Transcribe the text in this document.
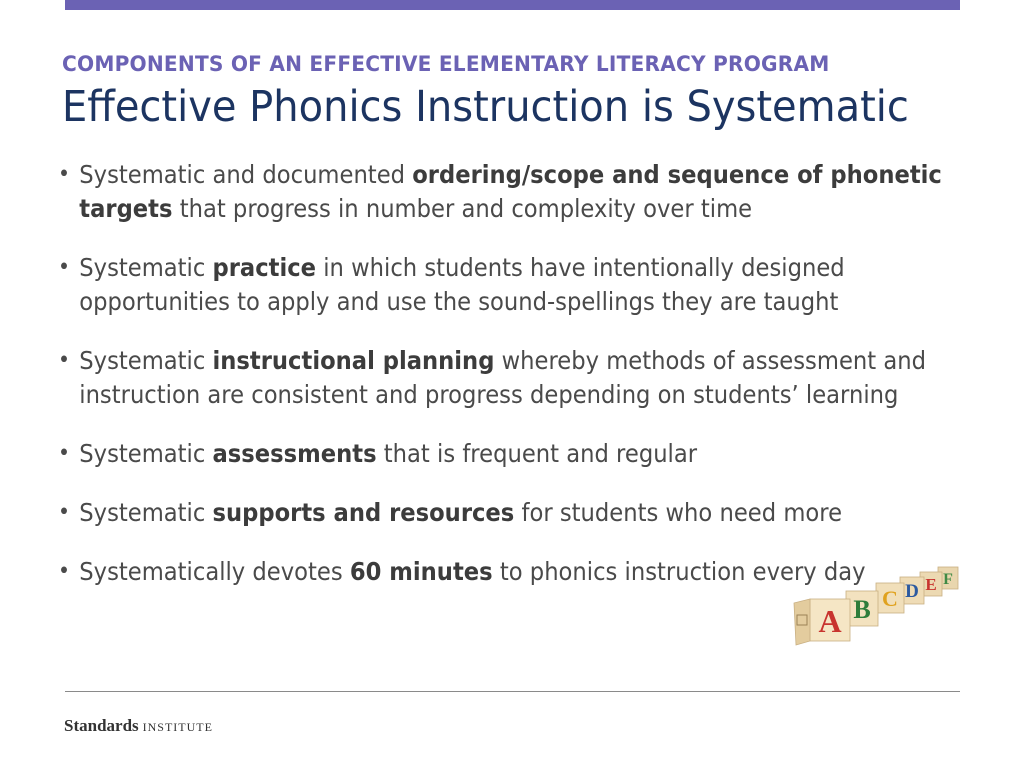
COMPONENTS OF AN EFFECTIVE ELEMENTARY LITERACY PROGRAM
Effective Phonics Instruction is Systematic
• Systematic and documented ordering/scope and sequence of phonetic targets that progress in number and complexity over time
• Systematic practice in which students have intentionally designed opportunities to apply and use the sound-spellings they are taught
• Systematic instructional planning whereby methods of assessment and instruction are consistent and progress depending on students’ learning
• Systematic assessments that is frequent and regular
• Systematic supports and resources for students who need more
• Systematically devotes 60 minutes to phonics instruction every day	F
E
D
C
B
A
Standards INSTITUTE
